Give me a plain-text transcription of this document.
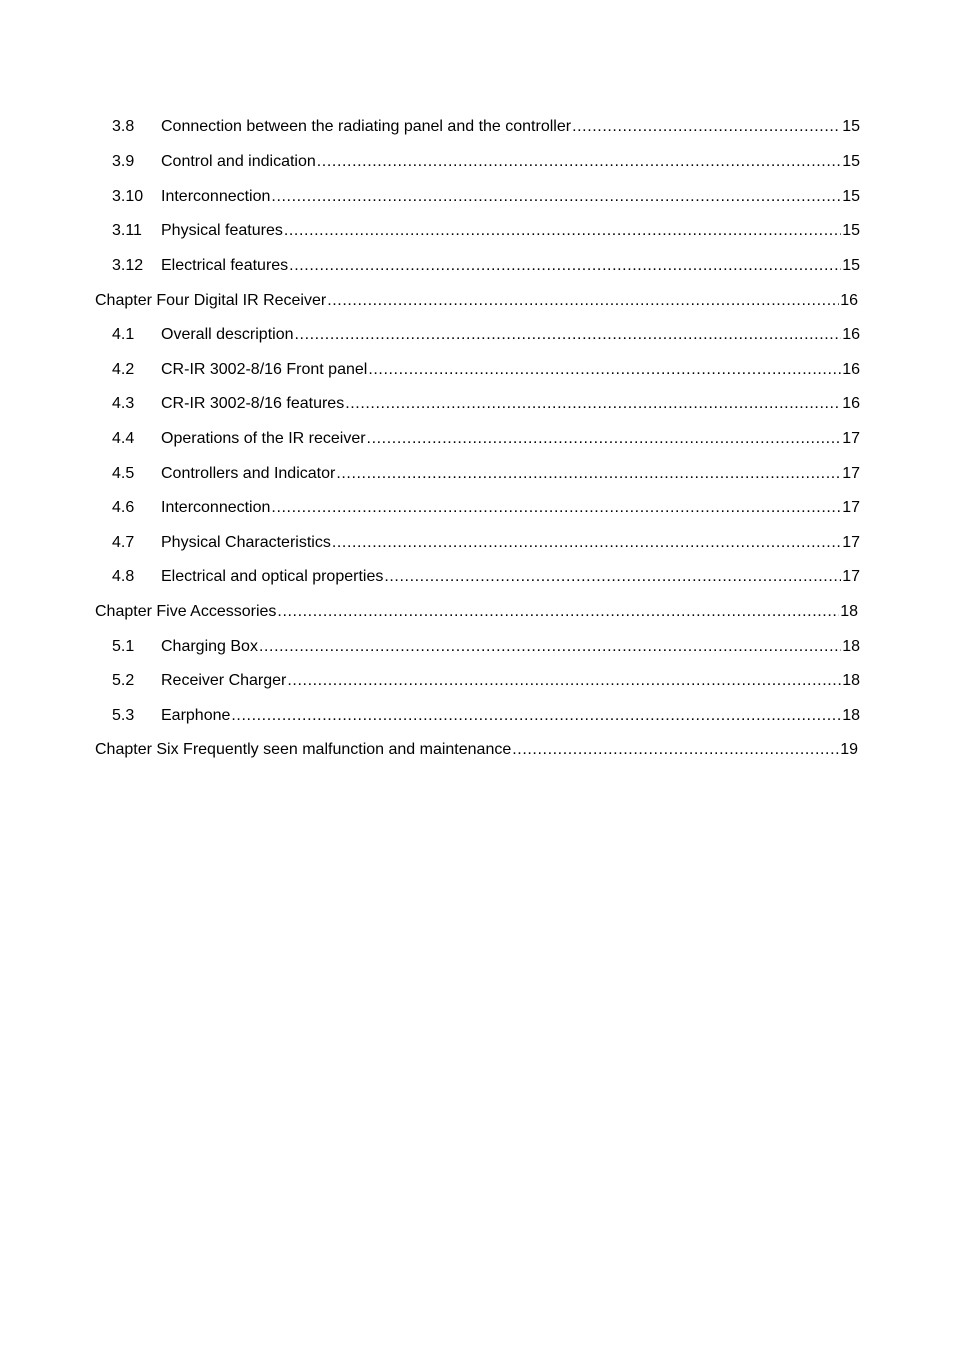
3.8	Connection between the radiating panel and the controller .....	15
3.9	Control and indication .....	15
3.10	Interconnection .....	15
3.11	Physical features .....	15
3.12	Electrical features .....	15
Chapter Four Digital IR Receiver .....	16
4.1	Overall description .....	16
4.2	CR-IR 3002-8/16 Front panel .....	16
4.3	CR-IR 3002-8/16 features .....	16
4.4	Operations of the IR receiver .....	17
4.5	Controllers and Indicator .....	17
4.6	Interconnection .....	17
4.7	Physical Characteristics .....	17
4.8	Electrical and optical properties .....	17
Chapter Five Accessories .....	18
5.1	Charging Box .....	18
5.2	Receiver Charger .....	18
5.3	Earphone .....	18
Chapter Six Frequently seen malfunction and maintenance .....	19
